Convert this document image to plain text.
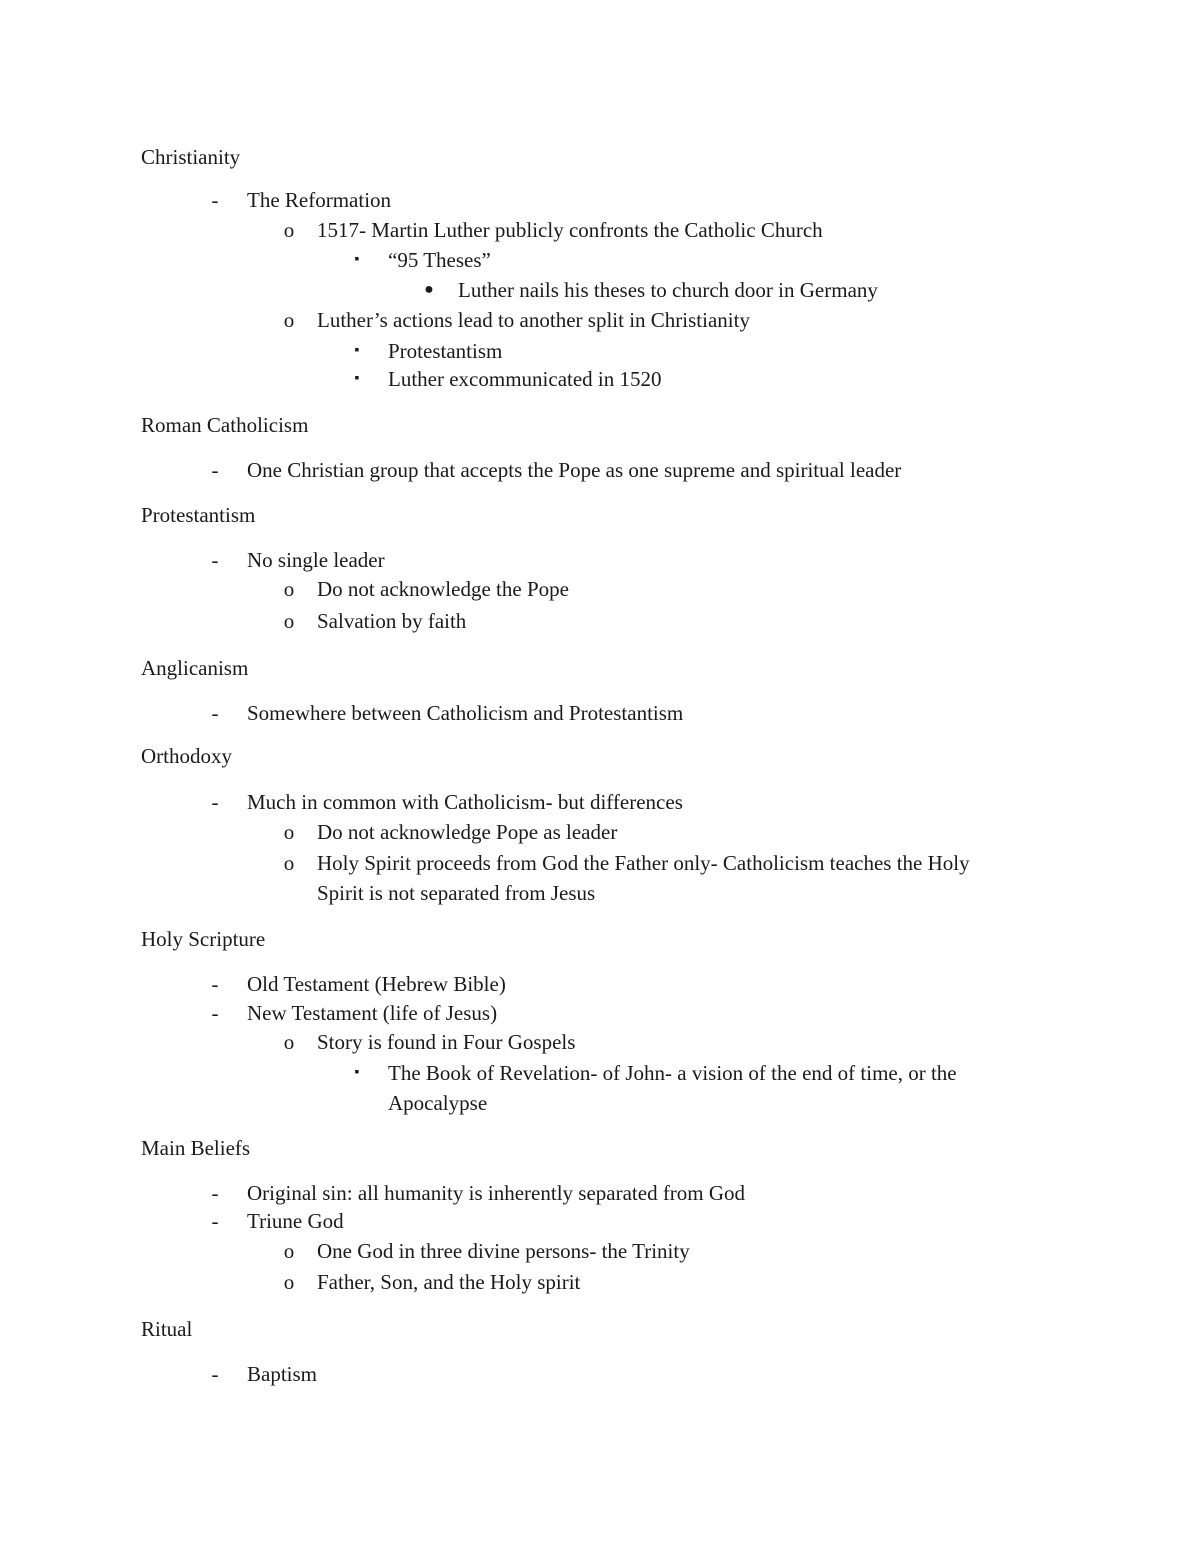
Christianity
-	The Reformation
o 1517- Martin Luther publicly confronts the Catholic Church
▪	“95 Theses”
● Luther nails his theses to church door in Germany
o Luther’s actions lead to another split in Christianity
▪	Protestantism
▪	Luther excommunicated in 1520
Roman Catholicism
-	One Christian group that accepts the Pope as one supreme and spiritual leader
Protestantism
-	No single leader
o Do not acknowledge the Pope
o Salvation by faith
Anglicanism
-	Somewhere between Catholicism and Protestantism
Orthodoxy
-	Much in common with Catholicism- but differences
o Do not acknowledge Pope as leader
o Holy Spirit proceeds from God the Father only- Catholicism teaches the Holy
Spirit is not separated from Jesus
Holy Scripture
-	Old Testament (Hebrew Bible)
-	New Testament (life of Jesus)
o Story is found in Four Gospels
▪	The Book of Revelation- of John- a vision of the end of time, or the
Apocalypse
Main Beliefs
-	Original sin: all humanity is inherently separated from God
-	Triune God
o One God in three divine persons- the Trinity
o Father, Son, and the Holy spirit
Ritual
-	Baptism
